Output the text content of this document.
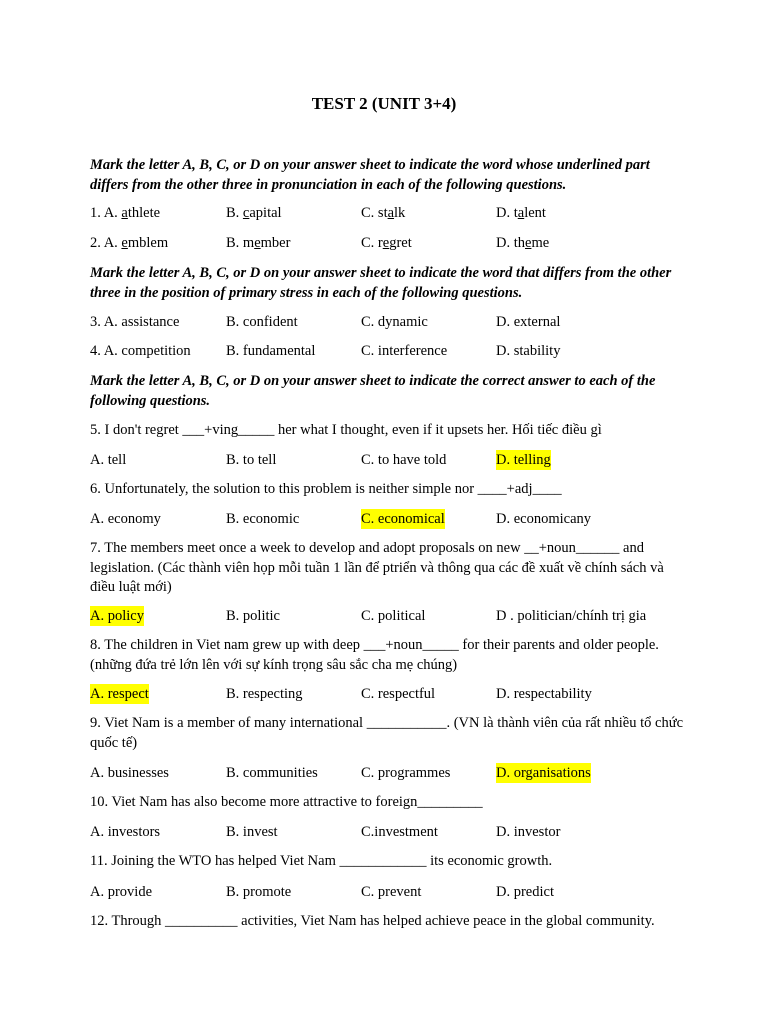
TEST 2 (UNIT 3+4)
Mark the letter A, B, C, or D on your answer sheet to indicate the word whose underlined part differs from the other three in pronunciation in each of the following questions.
1. A. athlete	B. capital	C. stalk	D. talent
2. A. emblem	B. member	C. regret	D. theme
Mark the letter A, B, C, or D on your answer sheet to indicate the word that differs from the other three in the position of primary stress in each of the following questions.
3. A. assistance	B. confident	C. dynamic	D. external
4. A. competition B. fundamental	C. interference	D. stability
Mark the letter A, B, C, or D on your answer sheet to indicate the correct answer to each of the following questions.
5. I don't regret ___+ving_____ her what I thought, even if it upsets her. Hối tiếc điều gì
A. tell	B. to tell	C. to have told	D. telling
6. Unfortunately, the solution to this problem is neither simple nor ____+adj____
A. economy	B. economic	C. economical	D. economicany
7. The members meet once a week to develop and adopt proposals on new __+noun______ and legislation. (Các thành viên họp mỗi tuần 1 lần để ptriển và thông qua các đề xuất về chính sách và điều luật mới)
A. policy	B. politic	C. political	D . politician/chính trị gia
8. The children in Viet nam grew up with deep ___+noun_____ for their parents and older people. (những đứa trẻ lớn lên với sự kính trọng sâu sắc cha mẹ chúng)
A. respect	B. respecting	C. respectful	D. respectability
9. Viet Nam is a member of many international ___________. (VN là thành viên của rất nhiều tổ chức quốc tế)
A. businesses	B. communities	C. programmes	D. organisations
10. Viet Nam has also become more attractive to foreign_________
A. investors	B. invest	C.investment	D. investor
11. Joining the WTO has helped Viet Nam ____________ its economic growth.
A. provide	B. promote	C. prevent	D. predict
12. Through __________ activities, Viet Nam has helped achieve peace in the global community.
